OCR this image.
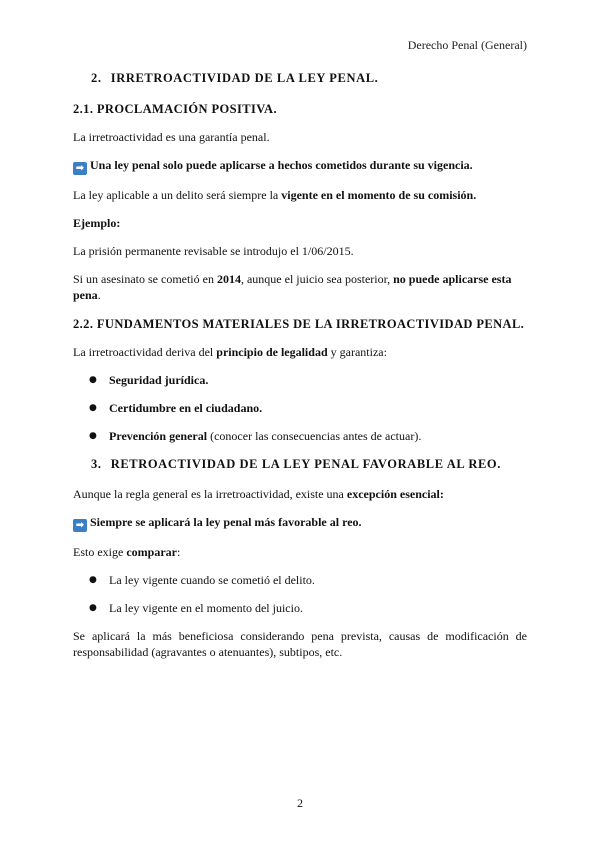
Derecho Penal (General)
2. IRRETROACTIVIDAD DE LA LEY PENAL.
2.1. PROCLAMACIÓN POSITIVA.

La irretroactividad es una garantía penal.

➡ Una ley penal solo puede aplicarse a hechos cometidos durante su vigencia.

La ley aplicable a un delito será siempre la vigente en el momento de su comisión.

Ejemplo:

La prisión permanente revisable se introdujo el 1/06/2015.

Si un asesinato se cometió en 2014, aunque el juicio sea posterior, no puede aplicarse esta pena.

2.2. FUNDAMENTOS MATERIALES DE LA IRRETROACTIVIDAD PENAL.

La irretroactividad deriva del principio de legalidad y garantiza:

● Seguridad jurídica.
● Certidumbre en el ciudadano.
● Prevención general (conocer las consecuencias antes de actuar).
3. RETROACTIVIDAD DE LA LEY PENAL FAVORABLE AL REO.

Aunque la regla general es la irretroactividad, existe una excepción esencial:

➡ Siempre se aplicará la ley penal más favorable al reo.

Esto exige comparar:

● La ley vigente cuando se cometió el delito.
● La ley vigente en el momento del juicio.

Se aplicará la más beneficiosa considerando pena prevista, causas de modificación de responsabilidad (agravantes o atenuantes), subtipos, etc.

2
